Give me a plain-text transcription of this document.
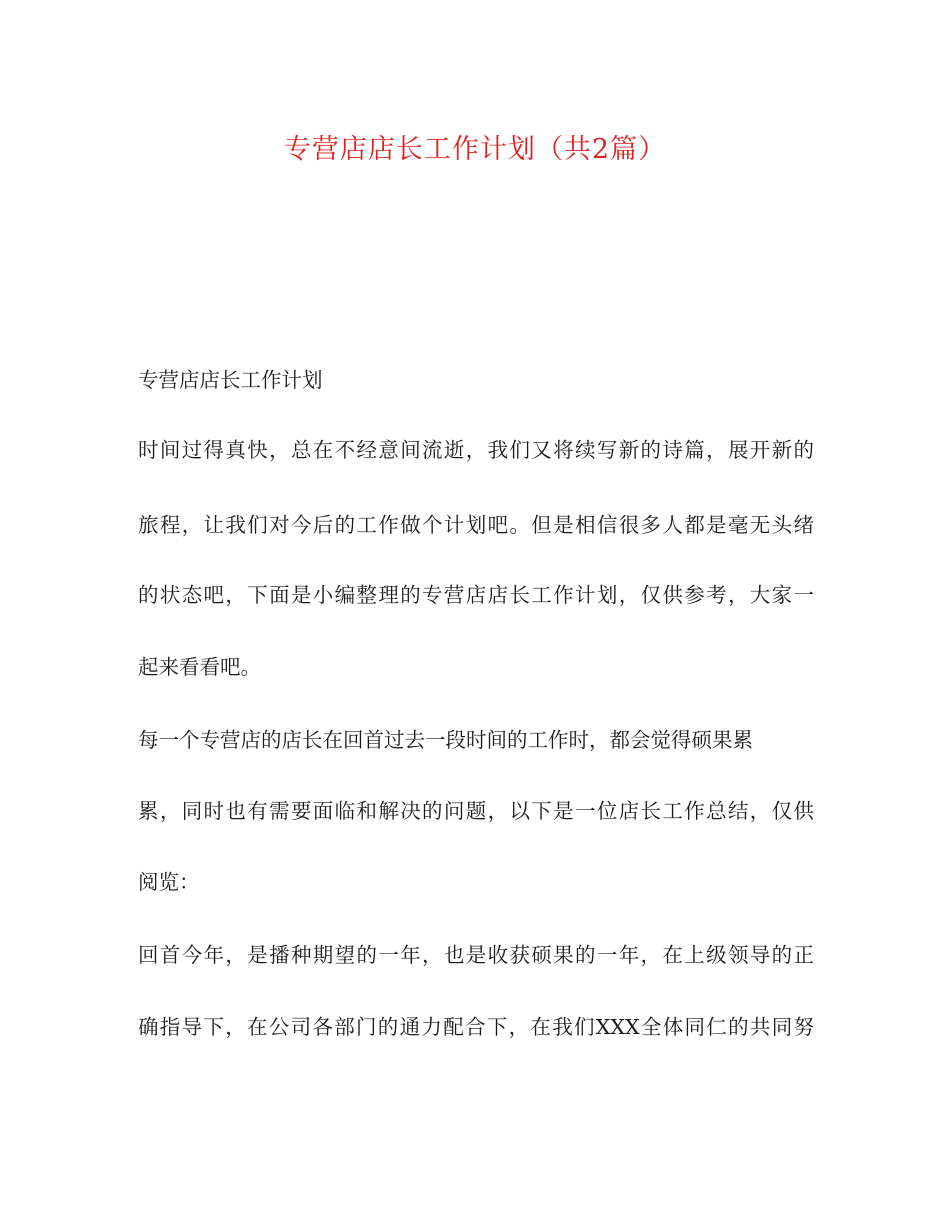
专营店店长工作计划（共2篇）
专营店店长工作计划
时间过得真快，总在不经意间流逝，我们又将续写新的诗篇，展开新的
旅程，让我们对今后的工作做个计划吧。但是相信很多人都是毫无头绪
的状态吧，下面是小编整理的专营店店长工作计划，仅供参考，大家一
起来看看吧。
每一个专营店的店长在回首过去一段时间的工作时，都会觉得硕果累
累，同时也有需要面临和解决的问题，以下是一位店长工作总结，仅供
阅览：
回首今年，是播种期望的一年，也是收获硕果的一年，在上级领导的正
确指导下，在公司各部门的通力配合下，在我们XXX全体同仁的共同努
